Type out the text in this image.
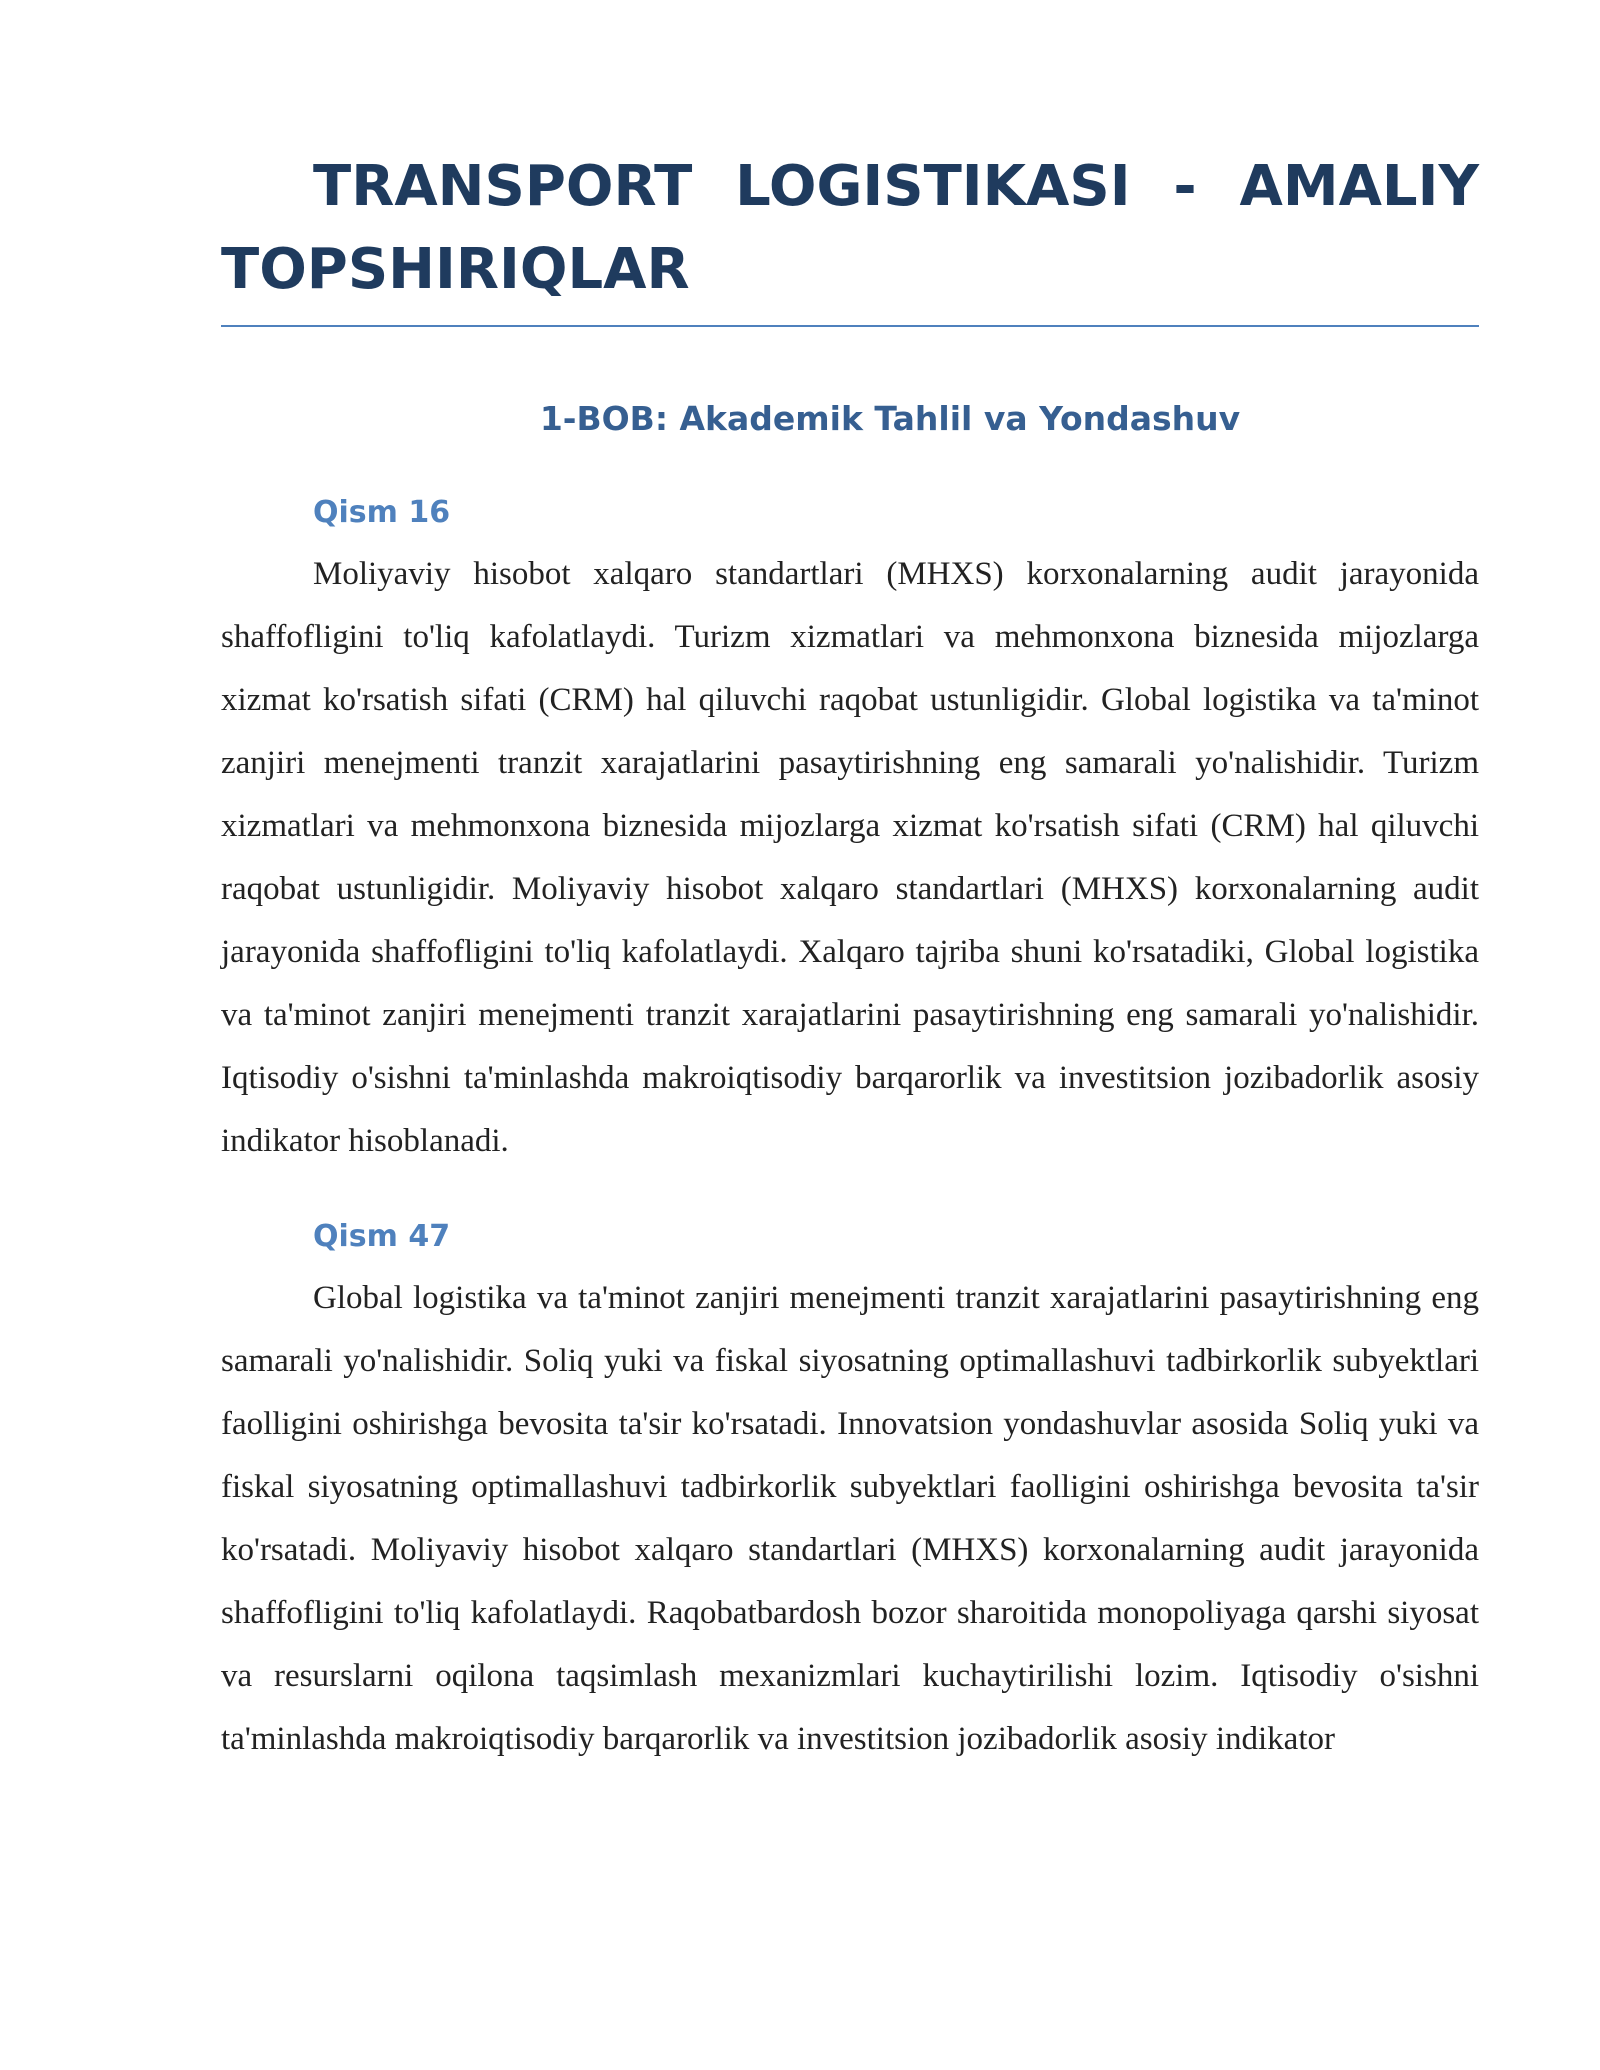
TRANSPORT LOGISTIKASI - AMALIY TOPSHIRIQLAR
1-BOB: Akademik Tahlil va Yondashuv
Qism 16

Moliyaviy hisobot xalqaro standartlari (MHXS) korxonalarning audit jarayonida shaffofligini to'liq kafolatlaydi. Turizm xizmatlari va mehmonxona biznesida mijozlarga xizmat ko'rsatish sifati (CRM) hal qiluvchi raqobat ustunligidir. Global logistika va ta'minot zanjiri menejmenti tranzit xarajatlarini pasaytirishning eng samarali yo'nalishidir. Turizm xizmatlari va mehmonxona biznesida mijozlarga xizmat ko'rsatish sifati (CRM) hal qiluvchi raqobat ustunligidir. Moliyaviy hisobot xalqaro standartlari (MHXS) korxonalarning audit jarayonida shaffofligini to'liq kafolatlaydi. Xalqaro tajriba shuni ko'rsatadiki, Global logistika va ta'minot zanjiri menejmenti tranzit xarajatlarini pasaytirishning eng samarali yo'nalishidir. Iqtisodiy o'sishni ta'minlashda makroiqtisodiy barqarorlik va investitsion jozibadorlik asosiy indikator hisoblanadi.

Qism 47

Global logistika va ta'minot zanjiri menejmenti tranzit xarajatlarini pasaytirishning eng samarali yo'nalishidir. Soliq yuki va fiskal siyosatning optimallashuvi tadbirkorlik subyektlari faolligini oshirishga bevosita ta'sir ko'rsatadi. Innovatsion yondashuvlar asosida Soliq yuki va fiskal siyosatning optimallashuvi tadbirkorlik subyektlari faolligini oshirishga bevosita ta'sir ko'rsatadi. Moliyaviy hisobot xalqaro standartlari (MHXS) korxonalarning audit jarayonida shaffofligini to'liq kafolatlaydi. Raqobatbardosh bozor sharoitida monopoliyaga qarshi siyosat va resurslarni oqilona taqsimlash mexanizmlari kuchaytirilishi lozim. Iqtisodiy o'sishni ta'minlashda makroiqtisodiy barqarorlik va investitsion jozibadorlik asosiy indikator
